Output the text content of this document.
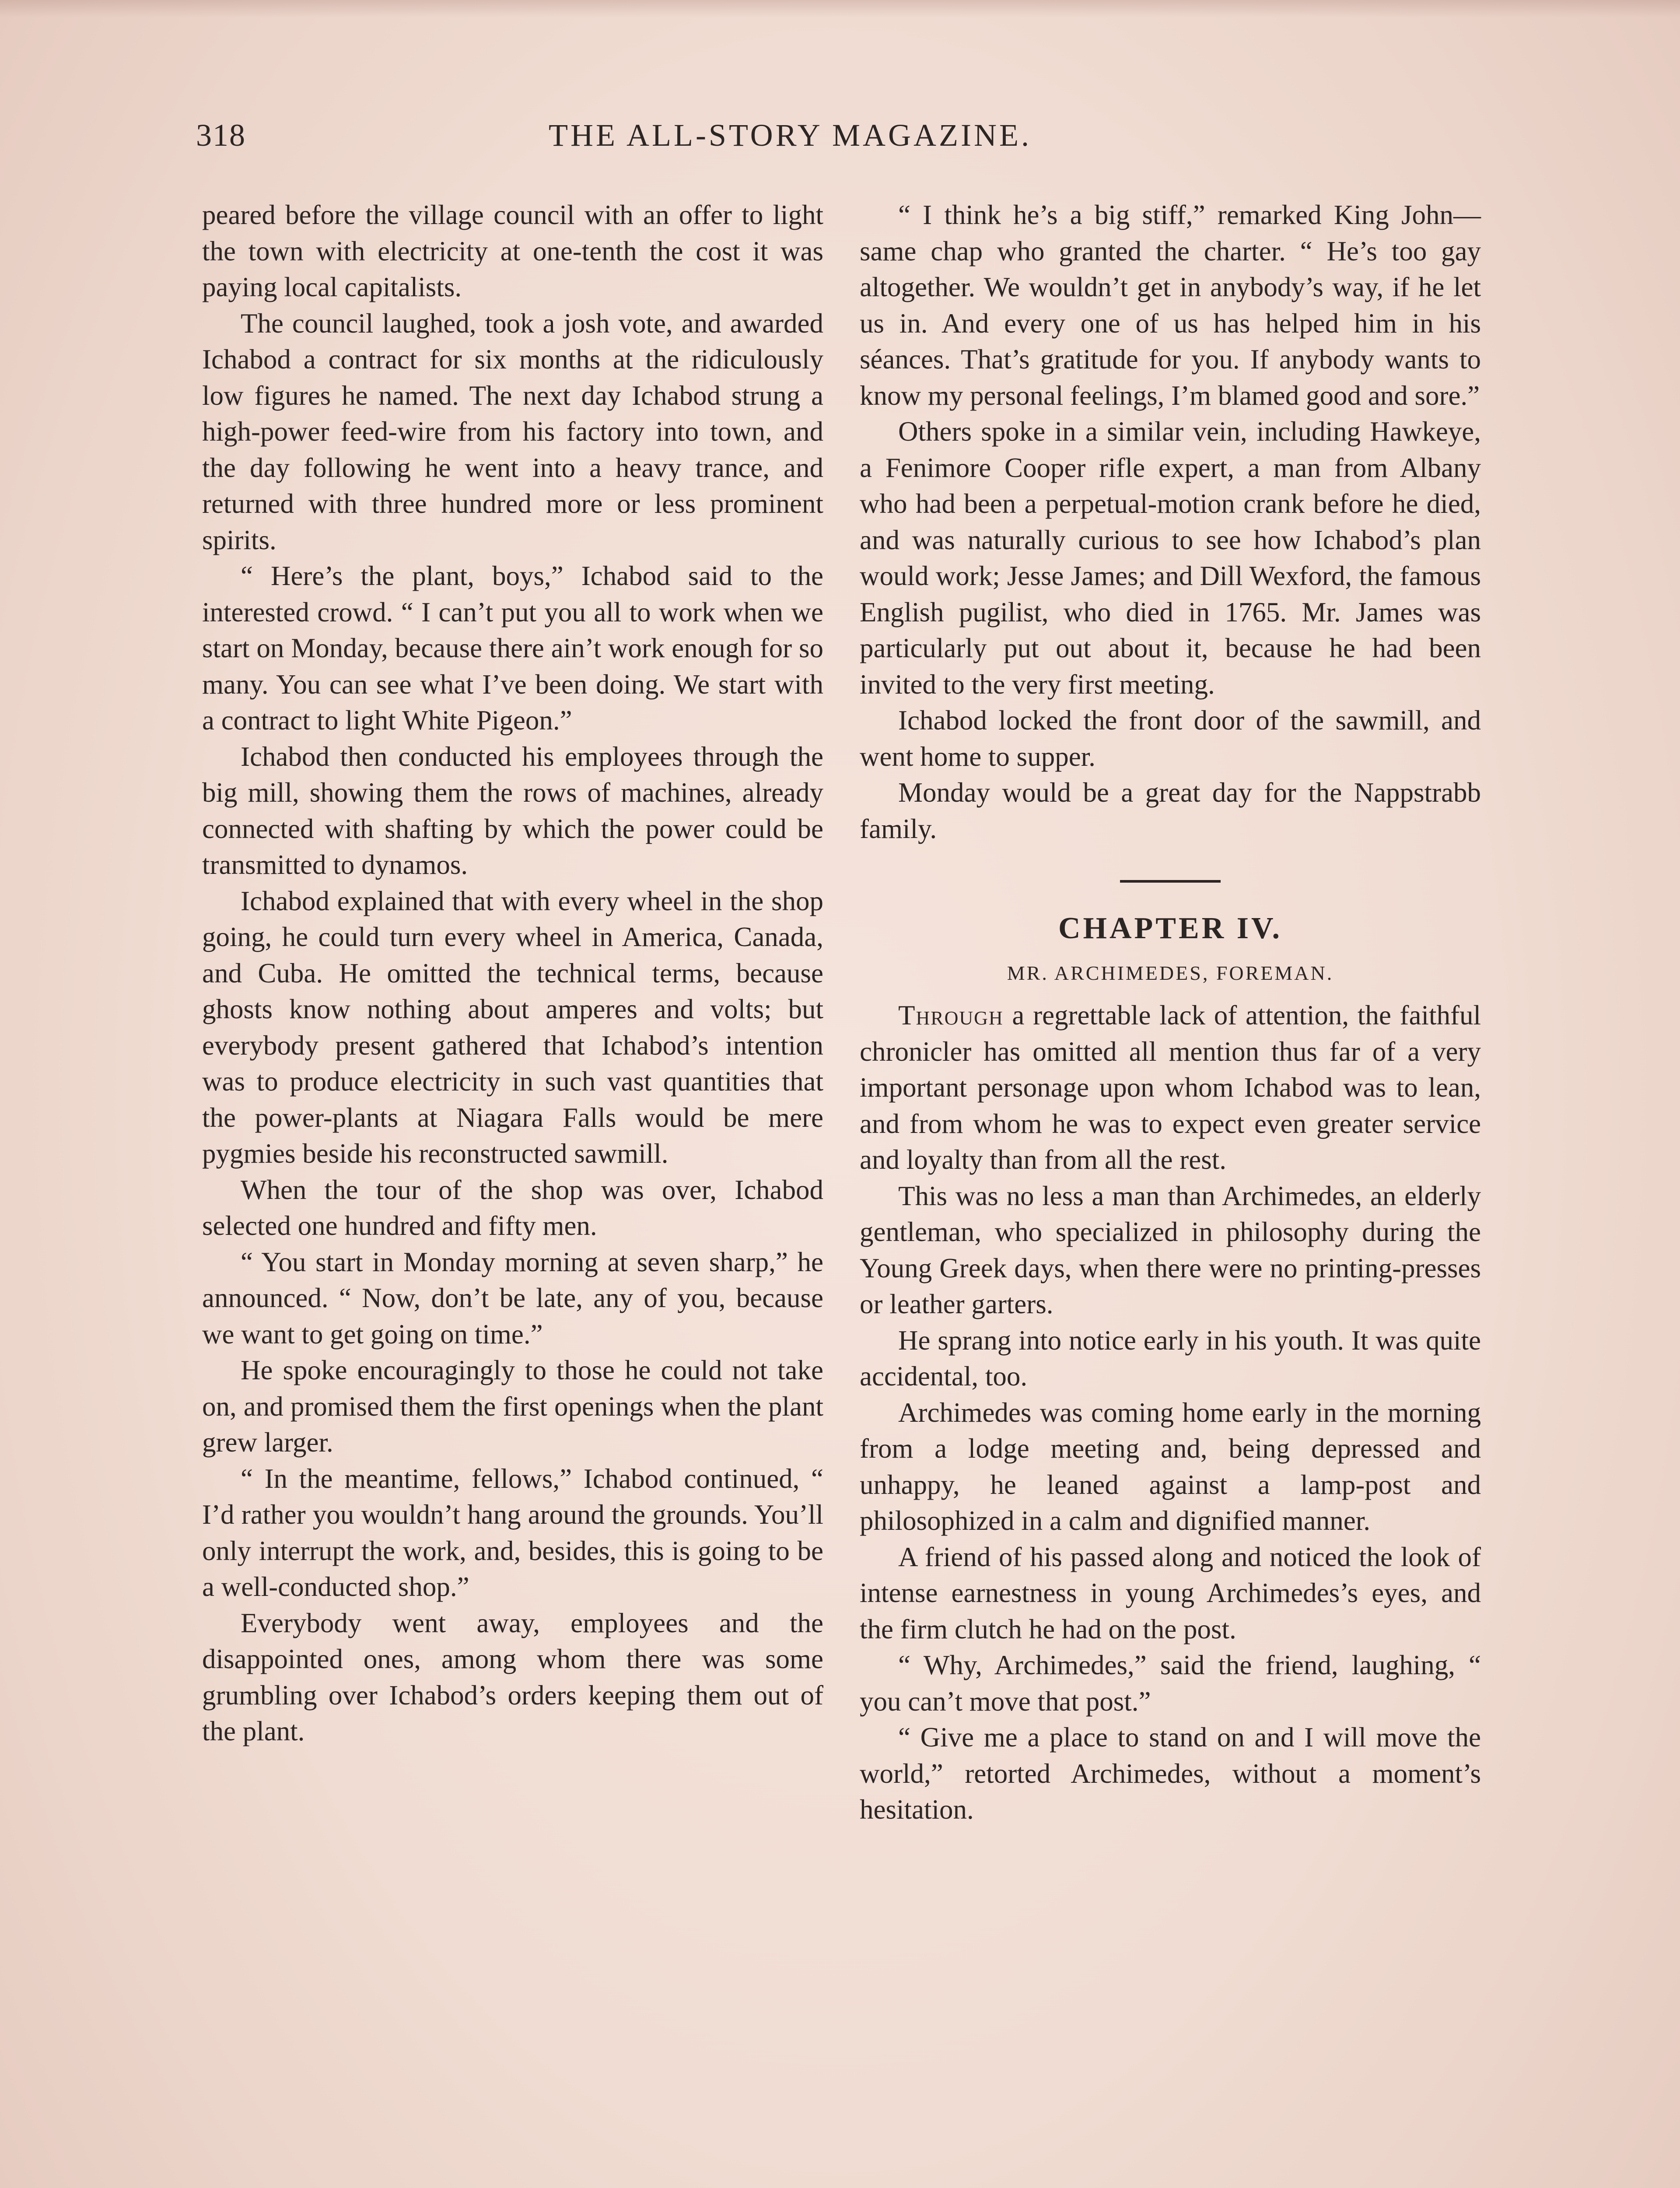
318	THE ALL-STORY MAGAZINE.

peared before the village council with an offer to light the town with electricity at one-tenth the cost it was paying local capitalists.

The council laughed, took a josh vote, and awarded Ichabod a contract for six months at the ridiculously low figures he named. The next day Ichabod strung a high-power feed-wire from his factory into town, and the day following he went into a heavy trance, and returned with three hundred more or less prominent spirits.

“ Here’s the plant, boys,” Ichabod said to the interested crowd. “ I can’t put you all to work when we start on Monday, because there ain’t work enough for so many. You can see what I’ve been doing. We start with a contract to light White Pigeon.”

Ichabod then conducted his employees through the big mill, showing them the rows of machines, already connected with shafting by which the power could be transmitted to dynamos.

Ichabod explained that with every wheel in the shop going, he could turn every wheel in America, Canada, and Cuba. He omitted the technical terms, because ghosts know nothing about amperes and volts; but everybody present gathered that Ichabod’s intention was to produce electricity in such vast quantities that the power-plants at Niagara Falls would be mere pygmies beside his reconstructed sawmill.

When the tour of the shop was over, Ichabod selected one hundred and fifty men.

“ You start in Monday morning at seven sharp,” he announced. “ Now, don’t be late, any of you, because we want to get going on time.”

He spoke encouragingly to those he could not take on, and promised them the first openings when the plant grew larger.

“ In the meantime, fellows,” Ichabod continued, “ I’d rather you wouldn’t hang around the grounds. You’ll only interrupt the work, and, besides, this is going to be a well-conducted shop.”

Everybody went away, employees and the disappointed ones, among whom there was some grumbling over Ichabod’s orders keeping them out of the plant.

“ I think he’s a big stiff,” remarked King John—same chap who granted the charter. “ He’s too gay altogether. We wouldn’t get in anybody’s way, if he let us in. And every one of us has helped him in his séances. That’s gratitude for you. If anybody wants to know my personal feelings, I’m blamed good and sore.”

Others spoke in a similar vein, including Hawkeye, a Fenimore Cooper rifle expert, a man from Albany who had been a perpetual-motion crank before he died, and was naturally curious to see how Ichabod’s plan would work; Jesse James; and Dill Wexford, the famous English pugilist, who died in 1765. Mr. James was particularly put out about it, because he had been invited to the very first meeting.

Ichabod locked the front door of the sawmill, and went home to supper.

Monday would be a great day for the Nappstrabb family.

CHAPTER IV.
MR. ARCHIMEDES, FOREMAN.

Through a regrettable lack of attention, the faithful chronicler has omitted all mention thus far of a very important personage upon whom Ichabod was to lean, and from whom he was to expect even greater service and loyalty than from all the rest.

This was no less a man than Archimedes, an elderly gentleman, who specialized in philosophy during the Young Greek days, when there were no printing-presses or leather garters.

He sprang into notice early in his youth. It was quite accidental, too.

Archimedes was coming home early in the morning from a lodge meeting and, being depressed and unhappy, he leaned against a lamp-post and philosophized in a calm and dignified manner.

A friend of his passed along and noticed the look of intense earnestness in young Archimedes’s eyes, and the firm clutch he had on the post.

“ Why, Archimedes,” said the friend, laughing, “ you can’t move that post.”

“ Give me a place to stand on and I will move the world,” retorted Archimedes, without a moment’s hesitation.
